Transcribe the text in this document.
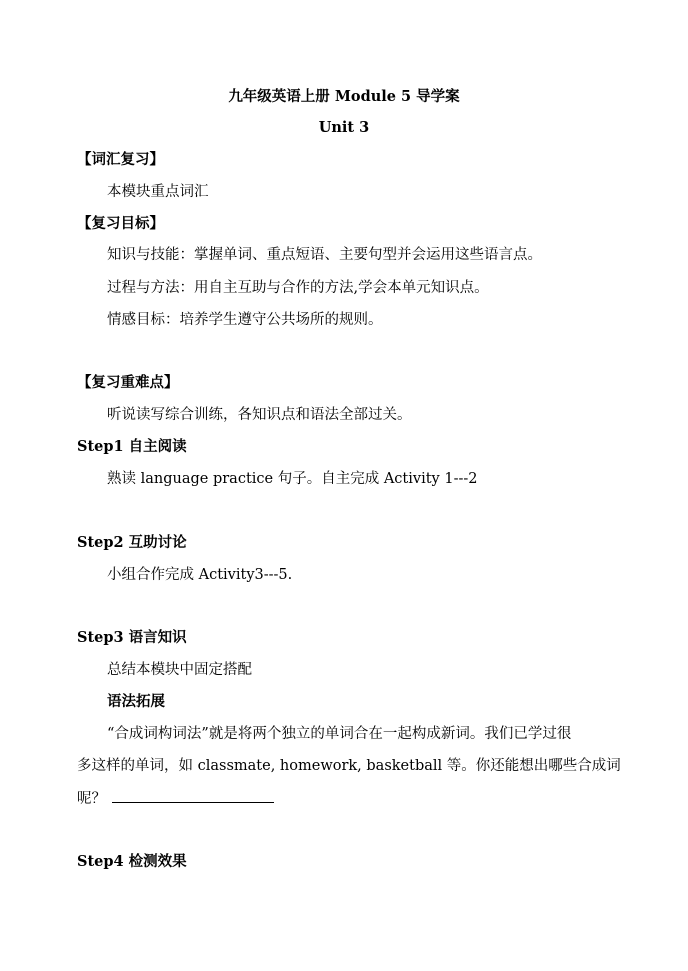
九年级英语上册 Module 5 导学案
Unit 3
【词汇复习】
本模块重点词汇
【复习目标】
知识与技能：掌握单词、重点短语、主要句型并会运用这些语言点。
过程与方法：用自主互助与合作的方法,学会本单元知识点。
情感目标：培养学生遵守公共场所的规则。
【复习重难点】
听说读写综合训练，各知识点和语法全部过关。
Step1 自主阅读
熟读 language practice 句子。自主完成 Activity 1---2
Step2 互助讨论
小组合作完成 Activity3---5.
Step3 语言知识
总结本模块中固定搭配
语法拓展
“合成词构词法”就是将两个独立的单词合在一起构成新词。我们已学过很
多这样的单词，如 classmate, homework, basketball 等。你还能想出哪些合成词
呢？
Step4 检测效果
